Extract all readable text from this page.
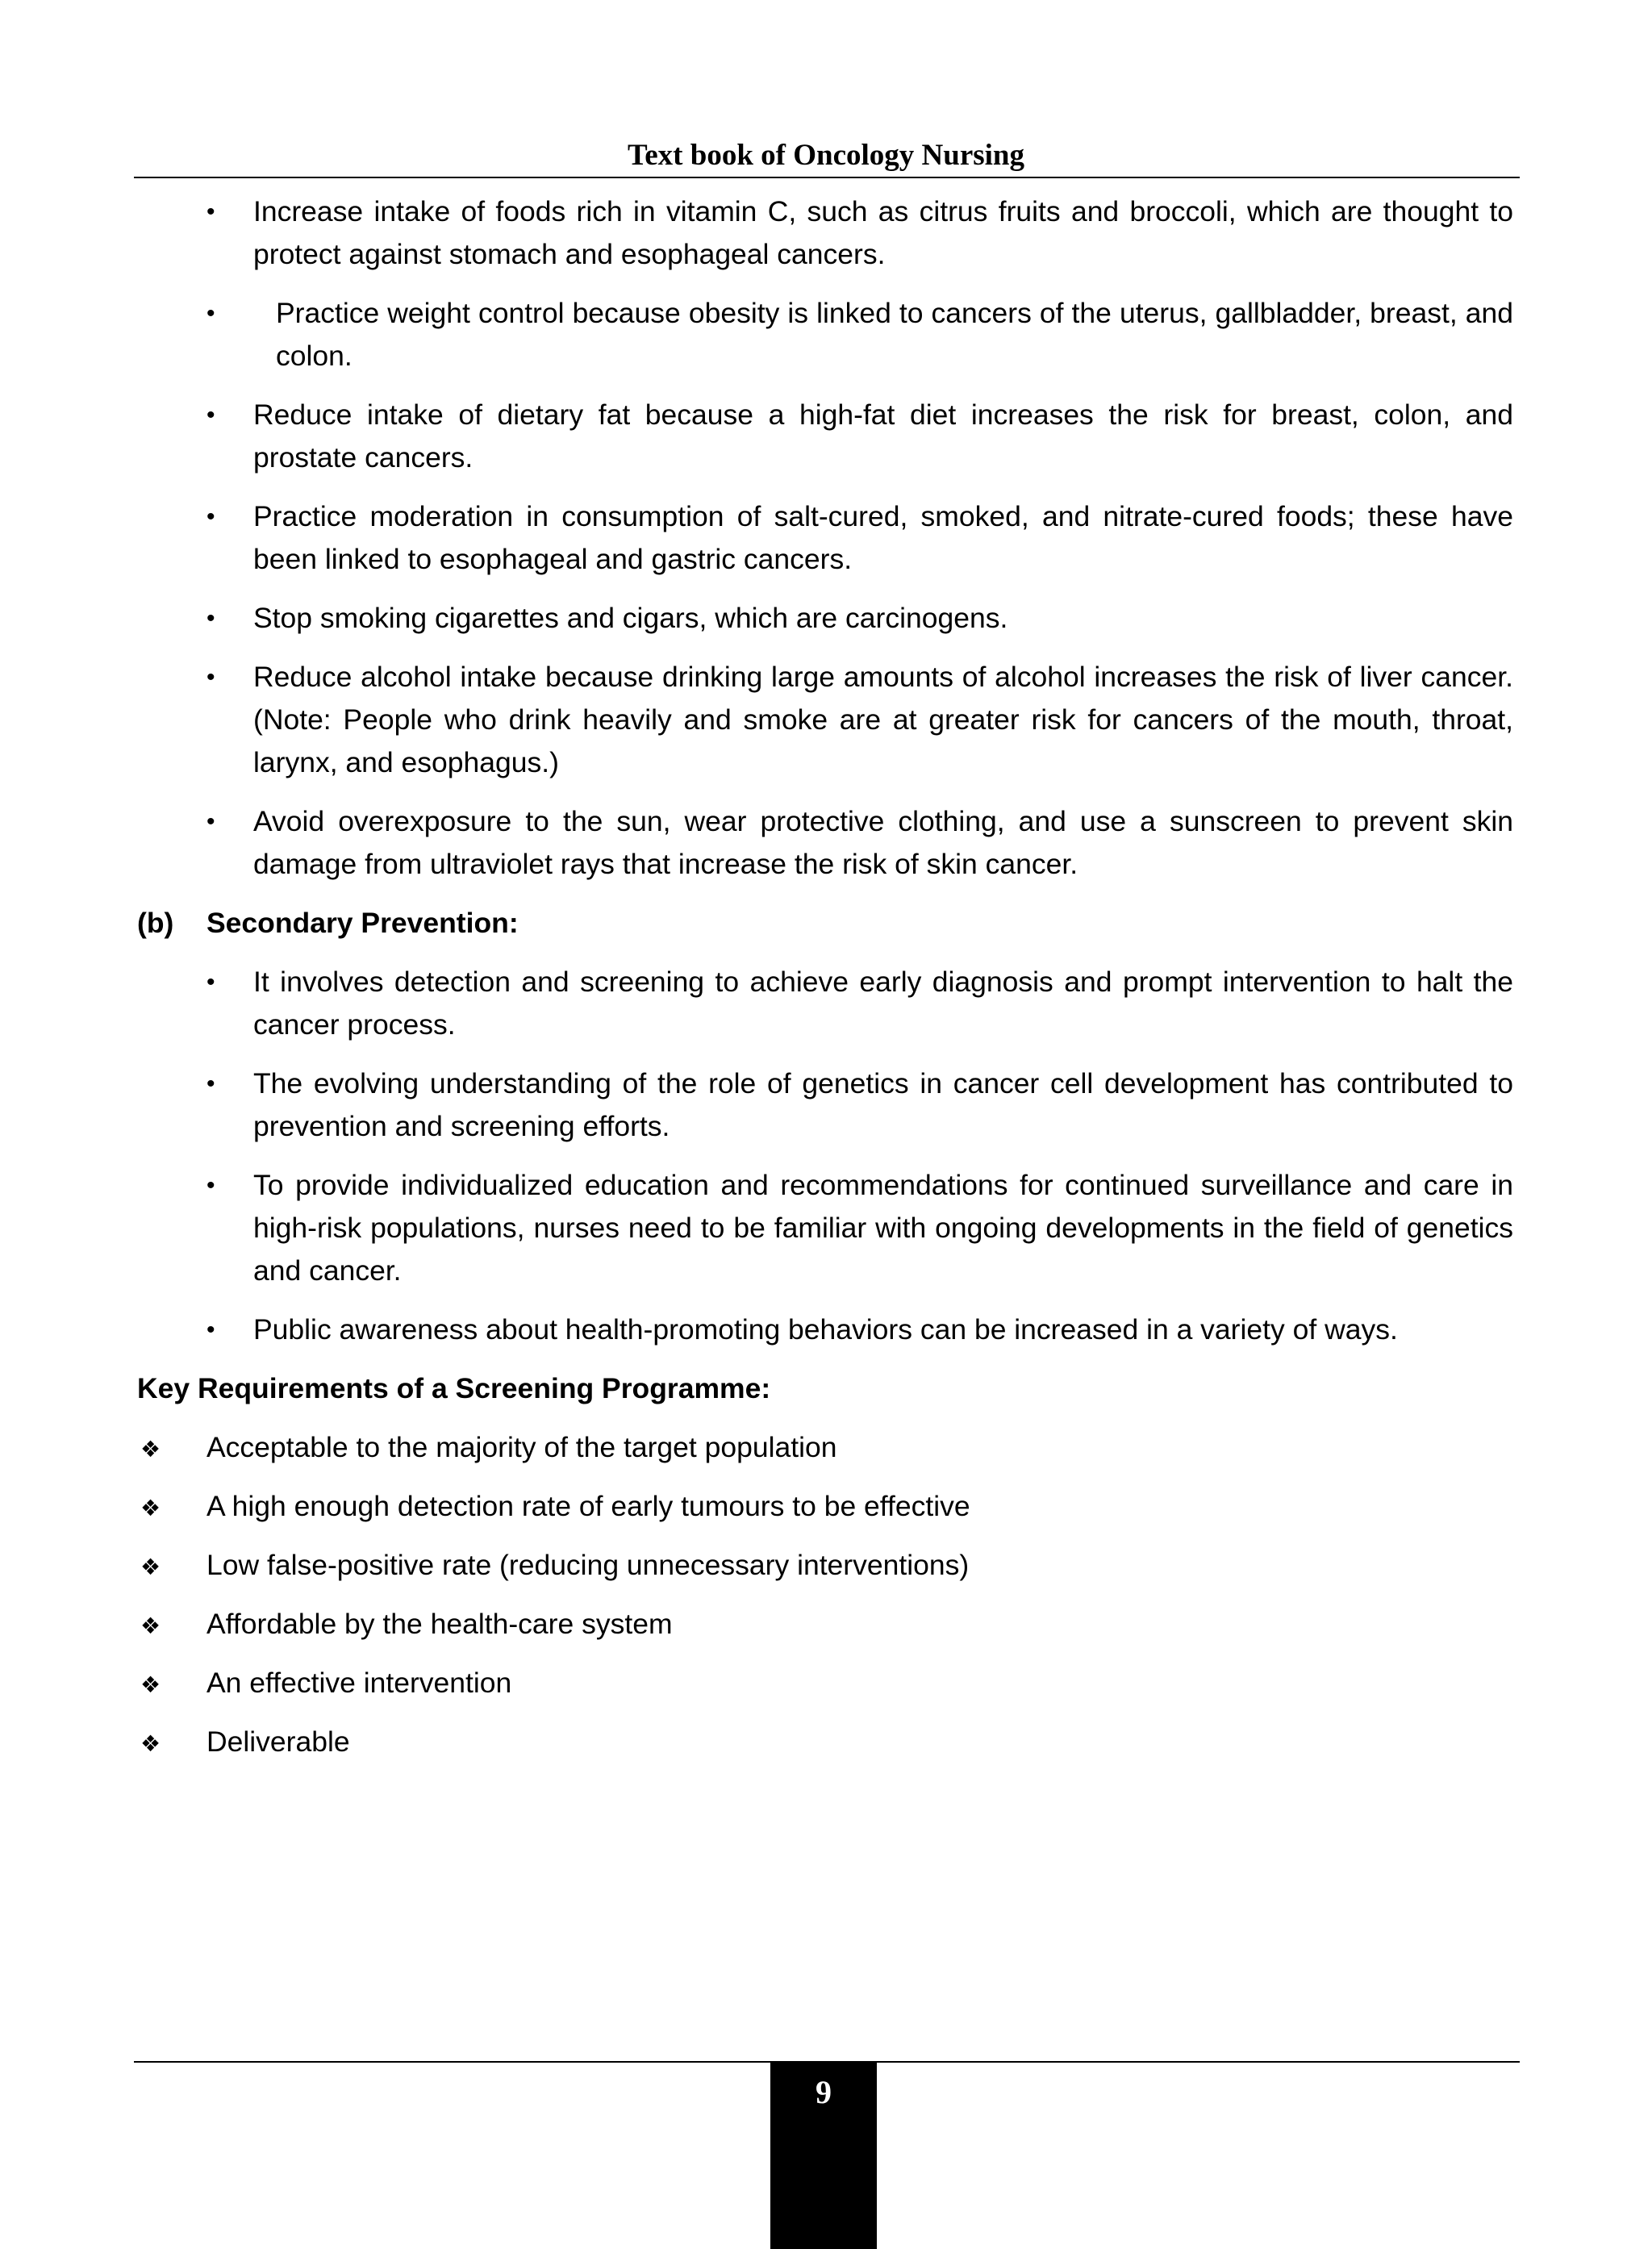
Text book of Oncology Nursing
• Increase intake of foods rich in vitamin C, such as citrus fruits and broccoli, which are thought to protect against stomach and esophageal cancers.
• Practice weight control because obesity is linked to cancers of the uterus, gallbladder, breast, and colon.
• Reduce intake of dietary fat because a high-fat diet increases the risk for breast, colon, and prostate cancers.
• Practice moderation in consumption of salt-cured, smoked, and nitrate-cured foods; these have been linked to esophageal and gastric cancers.
• Stop smoking cigarettes and cigars, which are carcinogens.
• Reduce alcohol intake because drinking large amounts of alcohol increases the risk of liver cancer. (Note: People who drink heavily and smoke are at greater risk for cancers of the mouth, throat, larynx, and esophagus.)
• Avoid overexposure to the sun, wear protective clothing, and use a sunscreen to prevent skin damage from ultraviolet rays that increase the risk of skin cancer.
(b) Secondary Prevention:
• It involves detection and screening to achieve early diagnosis and prompt intervention to halt the cancer process.
• The evolving understanding of the role of genetics in cancer cell development has contributed to prevention and screening efforts.
• To provide individualized education and recommendations for continued surveillance and care in high-risk populations, nurses need to be familiar with ongoing developments in the field of genetics and cancer.
• Public awareness about health-promoting behaviors can be increased in a variety of ways.
Key Requirements of a Screening Programme:
❖ Acceptable to the majority of the target population
❖ A high enough detection rate of early tumours to be effective
❖ Low false-positive rate (reducing unnecessary interventions)
❖ Affordable by the health-care system
❖ An effective intervention
❖ Deliverable
9
